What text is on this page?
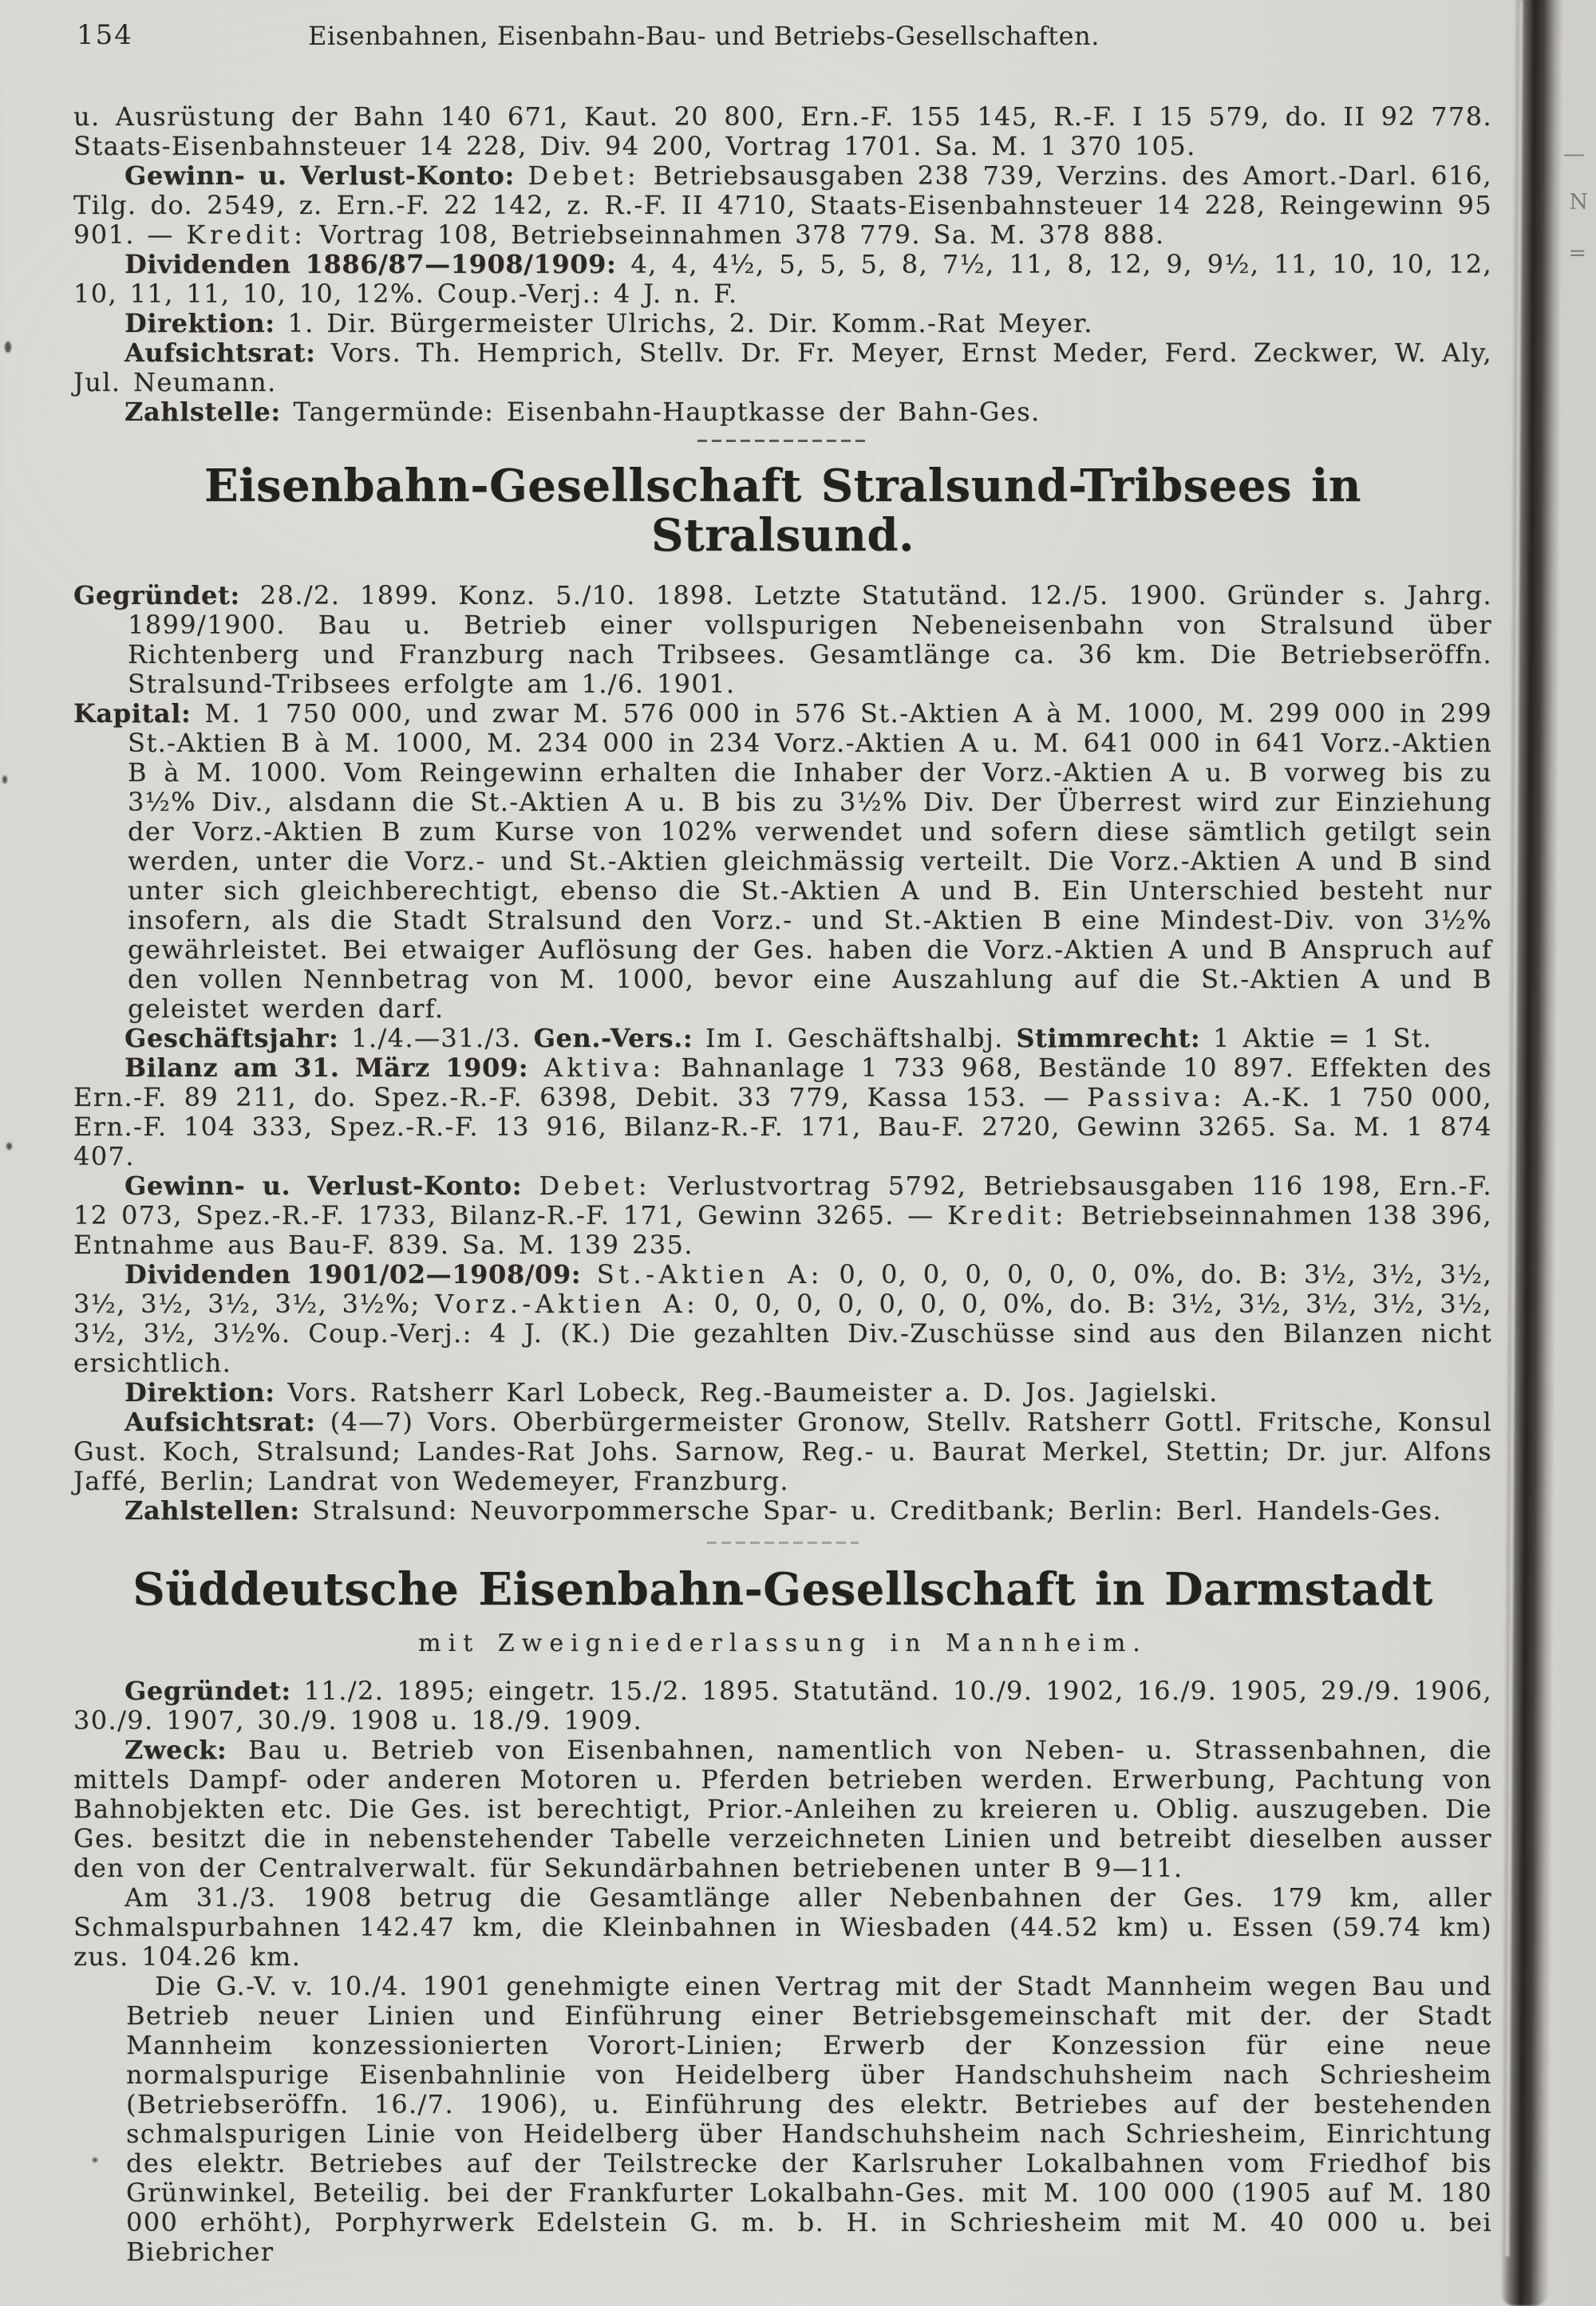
—
N
=
154	Eisenbahnen, Eisenbahn-Bau- und Betriebs-Gesellschaften.

u. Ausrüstung der Bahn 140 671, Kaut. 20 800, Ern.-F. 155 145, R.-F. I 15 579, do. II 92 778. Staats-Eisenbahnsteuer 14 228, Div. 94 200, Vortrag 1701. Sa. M. 1 370 105.

Gewinn- u. Verlust-Konto: Debet: Betriebsausgaben 238 739, Verzins. des Amort.-Darl. 616, Tilg. do. 2549, z. Ern.-F. 22 142, z. R.-F. II 4710, Staats-Eisenbahnsteuer 14 228, Reingewinn 95 901. — Kredit: Vortrag 108, Betriebseinnahmen 378 779. Sa. M. 378 888.

Dividenden 1886/87—1908/1909: 4, 4, 4½, 5, 5, 5, 8, 7½, 11, 8, 12, 9, 9½, 11, 10, 10, 12, 10, 11, 11, 10, 10, 12%. Coup.-Verj.: 4 J. n. F.

Direktion: 1. Dir. Bürgermeister Ulrichs, 2. Dir. Komm.-Rat Meyer.

Aufsichtsrat: Vors. Th. Hemprich, Stellv. Dr. Fr. Meyer, Ernst Meder, Ferd. Zeckwer, W. Aly, Jul. Neumann.

Zahlstelle: Tangermünde: Eisenbahn-Hauptkasse der Bahn-Ges.

Eisenbahn-Gesellschaft Stralsund-Tribsees in Stralsund.

Gegründet: 28./2. 1899. Konz. 5./10. 1898. Letzte Statutänd. 12./5. 1900. Gründer s. Jahrg. 1899/1900. Bau u. Betrieb einer vollspurigen Nebeneisenbahn von Stralsund über Richtenberg und Franzburg nach Tribsees. Gesamtlänge ca. 36 km. Die Betriebseröffn. Stralsund-Tribsees erfolgte am 1./6. 1901.

Kapital: M. 1 750 000, und zwar M. 576 000 in 576 St.-Aktien A à M. 1000, M. 299 000 in 299 St.-Aktien B à M. 1000, M. 234 000 in 234 Vorz.-Aktien A u. M. 641 000 in 641 Vorz.-Aktien B à M. 1000. Vom Reingewinn erhalten die Inhaber der Vorz.-Aktien A u. B vorweg bis zu 3½% Div., alsdann die St.-Aktien A u. B bis zu 3½% Div. Der Überrest wird zur Einziehung der Vorz.-Aktien B zum Kurse von 102% verwendet und sofern diese sämtlich getilgt sein werden, unter die Vorz.- und St.-Aktien gleichmässig verteilt. Die Vorz.-Aktien A und B sind unter sich gleichberechtigt, ebenso die St.-Aktien A und B. Ein Unterschied besteht nur insofern, als die Stadt Stralsund den Vorz.- und St.-Aktien B eine Mindest-Div. von 3½% gewährleistet. Bei etwaiger Auflösung der Ges. haben die Vorz.-Aktien A und B Anspruch auf den vollen Nennbetrag von M. 1000, bevor eine Auszahlung auf die St.-Aktien A und B geleistet werden darf.

Geschäftsjahr: 1./4.—31./3. Gen.-Vers.: Im I. Geschäftshalbj. Stimmrecht: 1 Aktie = 1 St.

Bilanz am 31. März 1909: Aktiva: Bahnanlage 1 733 968, Bestände 10 897. Effekten des Ern.-F. 89 211, do. Spez.-R.-F. 6398, Debit. 33 779, Kassa 153. — Passiva: A.-K. 1 750 000, Ern.-F. 104 333, Spez.-R.-F. 13 916, Bilanz-R.-F. 171, Bau-F. 2720, Gewinn 3265. Sa. M. 1 874 407.

Gewinn- u. Verlust-Konto: Debet: Verlustvortrag 5792, Betriebsausgaben 116 198, Ern.-F. 12 073, Spez.-R.-F. 1733, Bilanz-R.-F. 171, Gewinn 3265. — Kredit: Betriebseinnahmen 138 396, Entnahme aus Bau-F. 839. Sa. M. 139 235.

Dividenden 1901/02—1908/09: St.-Aktien A: 0, 0, 0, 0, 0, 0, 0, 0%, do. B: 3½, 3½, 3½, 3½, 3½, 3½, 3½, 3½%; Vorz.-Aktien A: 0, 0, 0, 0, 0, 0, 0, 0%, do. B: 3½, 3½, 3½, 3½, 3½, 3½, 3½, 3½%. Coup.-Verj.: 4 J. (K.) Die gezahlten Div.-Zuschüsse sind aus den Bilanzen nicht ersichtlich.

Direktion: Vors. Ratsherr Karl Lobeck, Reg.-Baumeister a. D. Jos. Jagielski.

Aufsichtsrat: (4—7) Vors. Oberbürgermeister Gronow, Stellv. Ratsherr Gottl. Fritsche, Konsul Gust. Koch, Stralsund; Landes-Rat Johs. Sarnow, Reg.- u. Baurat Merkel, Stettin; Dr. jur. Alfons Jaffé, Berlin; Landrat von Wedemeyer, Franzburg.

Zahlstellen: Stralsund: Neuvorpommersche Spar- u. Creditbank; Berlin: Berl. Handels-Ges.

Süddeutsche Eisenbahn-Gesellschaft in Darmstadt
mit Zweigniederlassung in Mannheim.

Gegründet: 11./2. 1895; eingetr. 15./2. 1895. Statutänd. 10./9. 1902, 16./9. 1905, 29./9. 1906, 30./9. 1907, 30./9. 1908 u. 18./9. 1909.

Zweck: Bau u. Betrieb von Eisenbahnen, namentlich von Neben- u. Strassenbahnen, die mittels Dampf- oder anderen Motoren u. Pferden betrieben werden. Erwerbung, Pachtung von Bahnobjekten etc. Die Ges. ist berechtigt, Prior.-Anleihen zu kreieren u. Oblig. auszugeben. Die Ges. besitzt die in nebenstehender Tabelle verzeichneten Linien und betreibt dieselben ausser den von der Centralverwalt. für Sekundärbahnen betriebenen unter B 9—11.

Am 31./3. 1908 betrug die Gesamtlänge aller Nebenbahnen der Ges. 179 km, aller Schmalspurbahnen 142.47 km, die Kleinbahnen in Wiesbaden (44.52 km) u. Essen (59.74 km) zus. 104.26 km.

Die G.-V. v. 10./4. 1901 genehmigte einen Vertrag mit der Stadt Mannheim wegen Bau und Betrieb neuer Linien und Einführung einer Betriebsgemeinschaft mit der. der Stadt Mannheim konzessionierten Vorort-Linien; Erwerb der Konzession für eine neue normalspurige Eisenbahnlinie von Heidelberg über Handschuhsheim nach Schriesheim (Betriebseröffn. 16./7. 1906), u. Einführung des elektr. Betriebes auf der bestehenden schmalspurigen Linie von Heidelberg über Handschuhsheim nach Schriesheim, Einrichtung des elektr. Betriebes auf der Teilstrecke der Karlsruher Lokalbahnen vom Friedhof bis Grünwinkel, Beteilig. bei der Frankfurter Lokalbahn-Ges. mit M. 100 000 (1905 auf M. 180 000 erhöht), Porphyrwerk Edelstein G. m. b. H. in Schriesheim mit M. 40 000 u. bei Biebricher
